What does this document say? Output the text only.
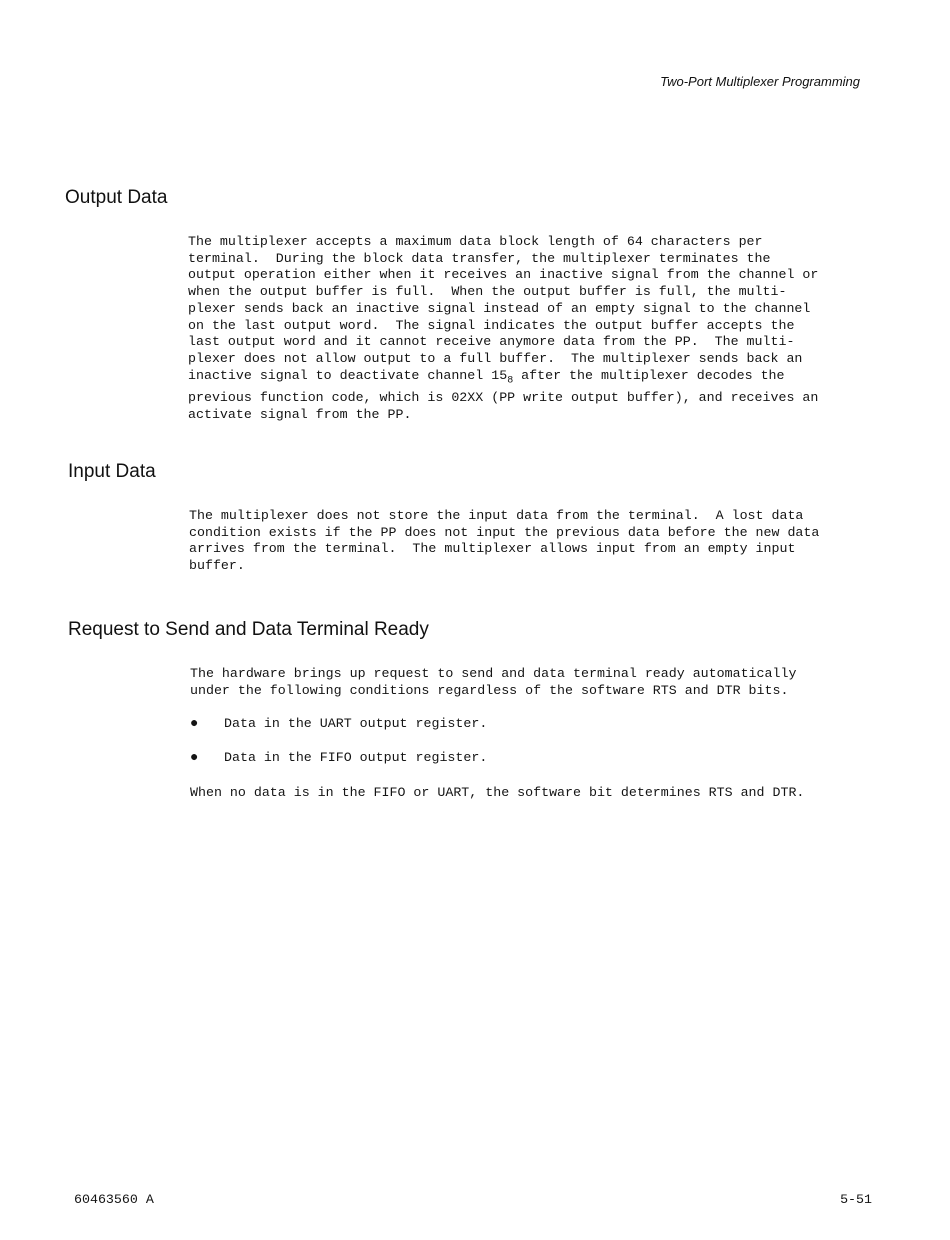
Two-Port Multiplexer Programming
Output Data
The multiplexer accepts a maximum data block length of 64 characters per
terminal.  During the block data transfer, the multiplexer terminates the
output operation either when it receives an inactive signal from the channel or
when the output buffer is full.  When the output buffer is full, the multi-
plexer sends back an inactive signal instead of an empty signal to the channel
on the last output word.  The signal indicates the output buffer accepts the
last output word and it cannot receive anymore data from the PP.  The multi-
plexer does not allow output to a full buffer.  The multiplexer sends back an
inactive signal to deactivate channel $15_8$ after the multiplexer decodes the
previous function code, which is 02XX (PP write output buffer), and receives an
activate signal from the PP.
Input Data
The multiplexer does not store the input data from the terminal.  A lost data
condition exists if the PP does not input the previous data before the new data
arrives from the terminal.  The multiplexer allows input from an empty input
buffer.
Request to Send and Data Terminal Ready
The hardware brings up request to send and data terminal ready automatically
under the following conditions regardless of the software RTS and DTR bits.
●	Data in the UART output register.
●	Data in the FIFO output register.
When no data is in the FIFO or UART, the software bit determines RTS and DTR.
60463560 A	5-51
